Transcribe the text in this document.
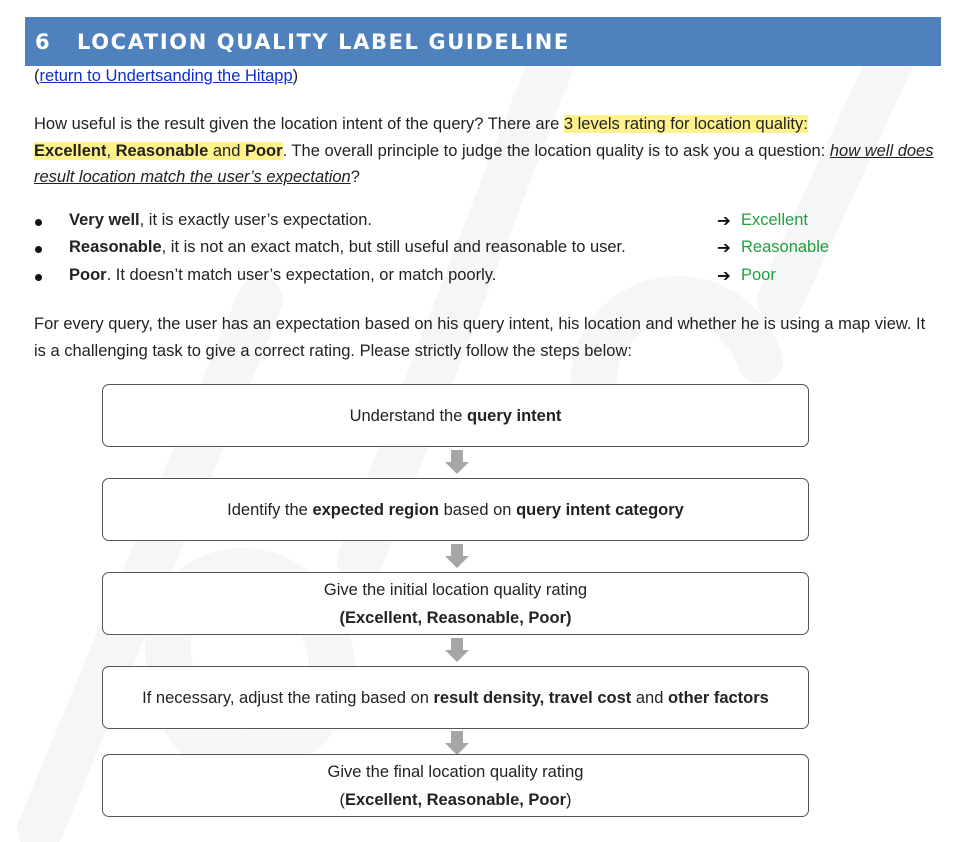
6	LOCATION QUALITY LABEL GUIDELINE
(return to Undertsanding the Hitapp)
How useful is the result given the location intent of the query? There are 3 levels rating for location quality:
Excellent, Reasonable and Poor. The overall principle to judge the location quality is to ask you a question: how well does result location match the user’s expectation?
Very well, it is exactly user’s expectation.	➔ Excellent
Reasonable, it is not an exact match, but still useful and reasonable to user.	➔ Reasonable
Poor. It doesn’t match user’s expectation, or match poorly.	➔ Poor
For every query, the user has an expectation based on his query intent, his location and whether he is using a map view. It is a challenging task to give a correct rating. Please strictly follow the steps below:
Understand the query intent
Identify the expected region based on query intent category
Give the initial location quality rating
(Excellent, Reasonable, Poor)
If necessary, adjust the rating based on result density, travel cost and other factors
Give the final location quality rating
(Excellent, Reasonable, Poor)
